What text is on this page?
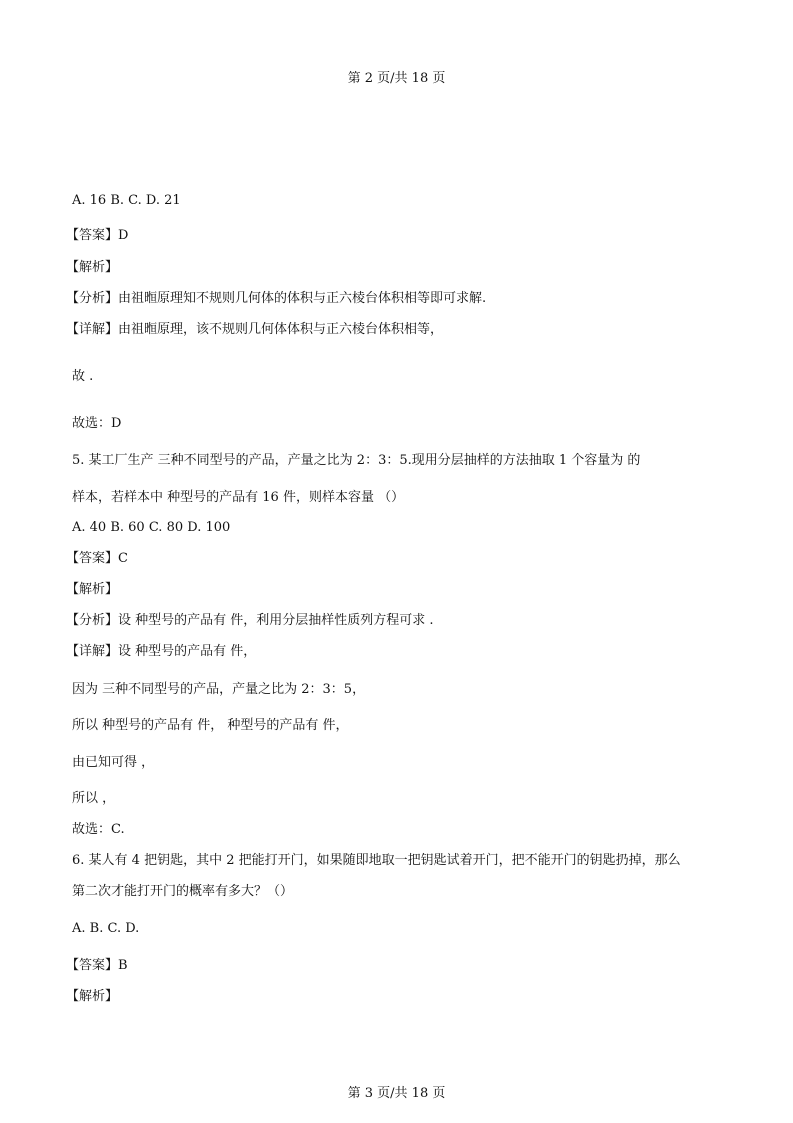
第 2 页/共 18 页
A. 16 B. C. D. 21
【答案】D
【解析】
【分析】由祖暅原理知不规则几何体的体积与正六棱台体积相等即可求解.
【详解】由祖暅原理，该不规则几何体体积与正六棱台体积相等，
故 .
故选：D
5. 某工厂生产 三种不同型号的产品，产量之比为 2：3：5.现用分层抽样的方法抽取 1 个容量为 的
样本，若样本中 种型号的产品有 16 件，则样本容量 （）
A. 40 B. 60 C. 80 D. 100
【答案】C
【解析】
【分析】设 种型号的产品有 件，利用分层抽样性质列方程可求 .
【详解】设 种型号的产品有 件，
因为 三种不同型号的产品，产量之比为 2：3：5，
所以 种型号的产品有 件， 种型号的产品有 件，
由已知可得 ，
所以 ，
故选：C.
6. 某人有 4 把钥匙，其中 2 把能打开门，如果随即地取一把钥匙试着开门，把不能开门的钥匙扔掉，那么
第二次才能打开门的概率有多大？（）
A. B. C. D.
【答案】B
【解析】
第 3 页/共 18 页
